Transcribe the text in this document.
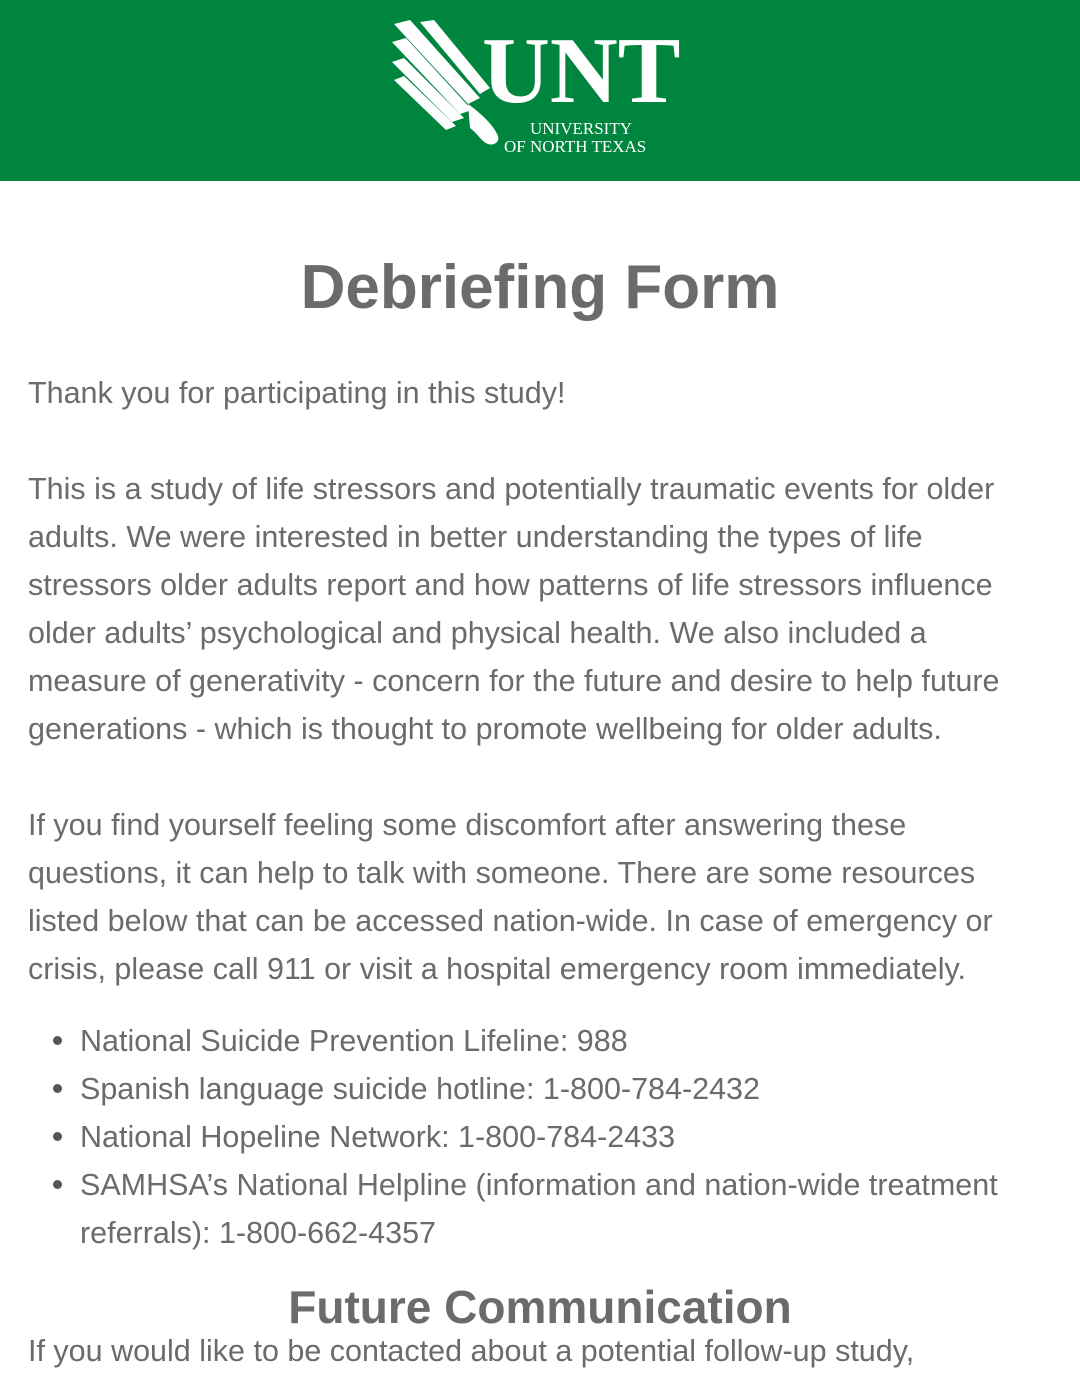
UNT
UNIVERSITY
OF NORTH TEXAS
Debriefing Form

Thank you for participating in this study!

This is a study of life stressors and potentially traumatic events for older adults. We were interested in better understanding the types of life stressors older adults report and how patterns of life stressors influence older adults’ psychological and physical health. We also included a measure of generativity - concern for the future and desire to help future generations - which is thought to promote wellbeing for older adults.

If you find yourself feeling some discomfort after answering these questions, it can help to talk with someone. There are some resources listed below that can be accessed nation-wide. In case of emergency or crisis, please call 911 or visit a hospital emergency room immediately.

National Suicide Prevention Lifeline: 988
Spanish language suicide hotline: 1-800-784-2432
National Hopeline Network: 1-800-784-2433
SAMHSA’s National Helpline (information and nation-wide treatment referrals): 1-800-662-4357
Future Communication

If you would like to be contacted about a potential follow-up study,
